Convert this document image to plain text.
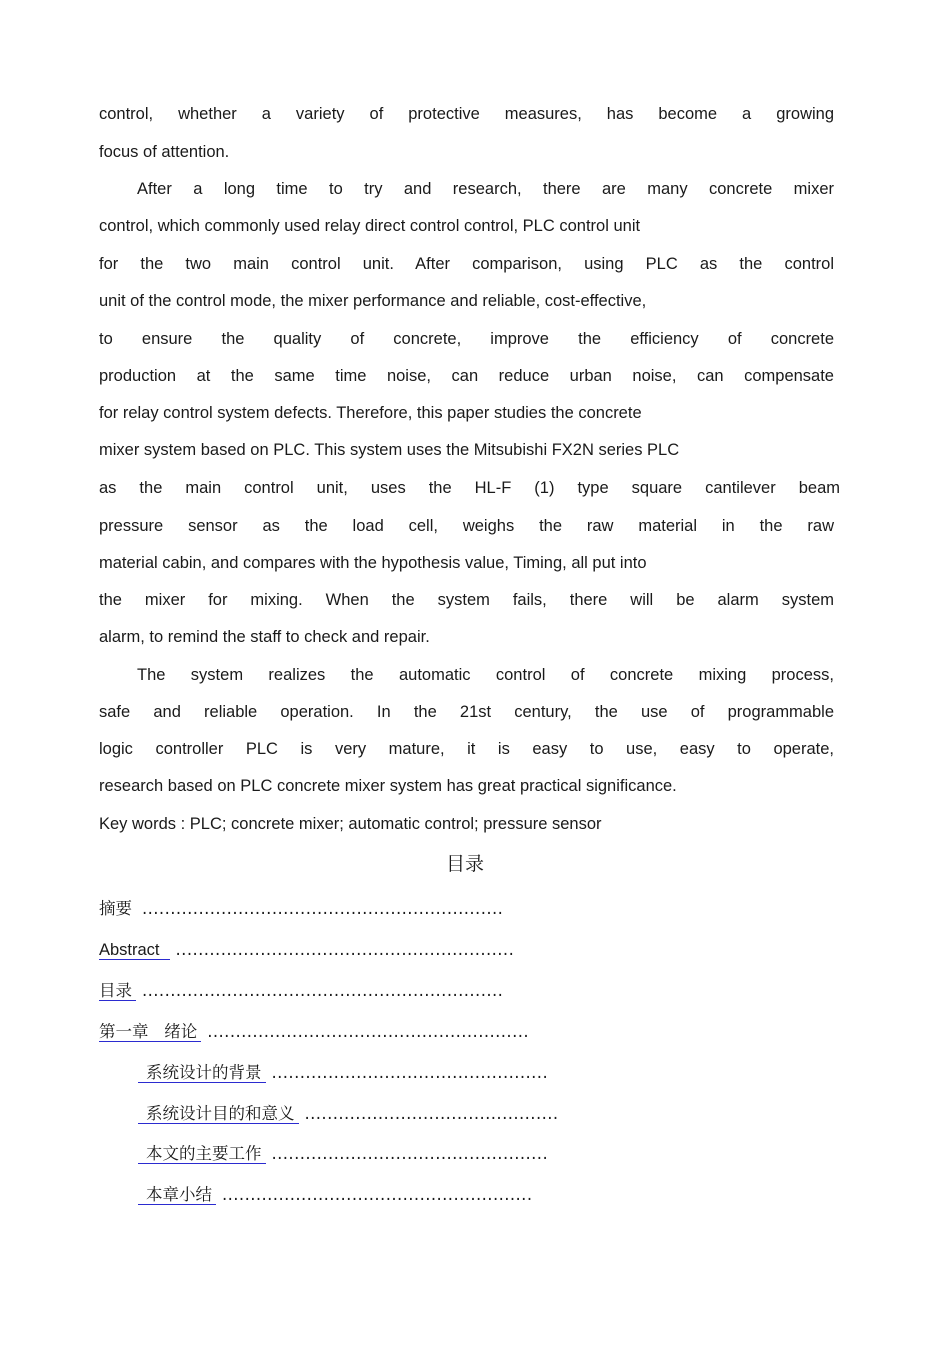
control, whether a variety of protective measures, has become a growing
focus of attention.
After a long time to try and research, there are many concrete mixer
control, which commonly used relay direct control control, PLC control unit
for the two main control unit. After comparison, using PLC as the control
unit of the control mode, the mixer performance and reliable, cost-effective,
to ensure the quality of concrete, improve the efficiency of concrete
production at the same time noise, can reduce urban noise, can compensate
for relay control system defects. Therefore, this paper studies the concrete
mixer system based on PLC. This system uses the Mitsubishi FX2N series PLC
as the main control unit, uses the HL-F (1) type square cantilever beam
pressure sensor as the load cell, weighs the raw material in the raw
material cabin, and compares with the hypothesis value, Timing, all put into
the mixer for mixing. When the system fails, there will be alarm system
alarm, to remind the staff to check and repair.
The system realizes the automatic control of concrete mixing process,
safe and reliable operation. In the 21st century, the use of programmable
logic controller PLC is very mature, it is easy to use, easy to operate,
research based on PLC concrete mixer system has great practical significance.
Key words : PLC; concrete mixer; automatic control; pressure sensor
目录
摘要 ................................................................
Abstract ............................................................
目录 ................................................................
第一章   绪论 .........................................................
系统设计的背景 .................................................
系统设计目的和意义 .............................................
本文的主要工作 .................................................
本章小结 .......................................................
